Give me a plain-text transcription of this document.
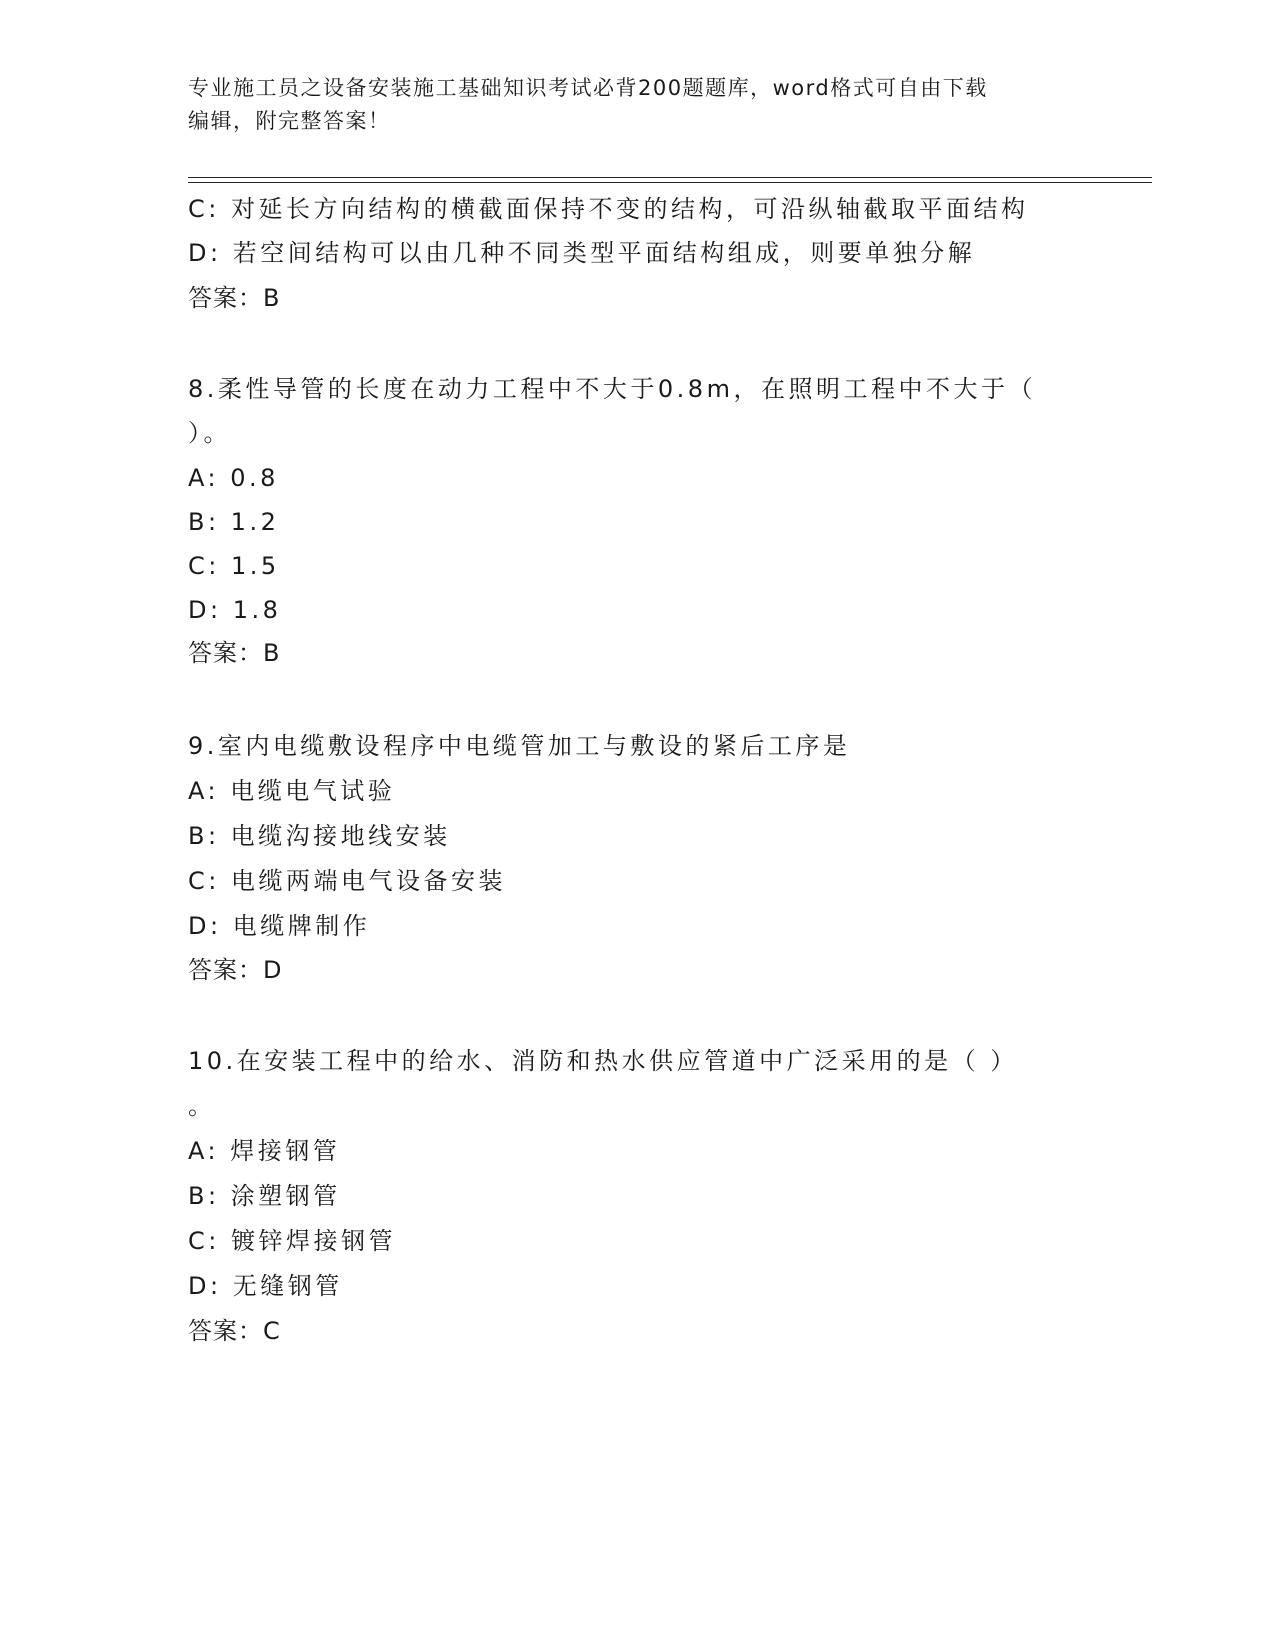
专业施工员之设备安装施工基础知识考试必背200题题库，word格式可自由下载
编辑，附完整答案！
C: 对延长方向结构的横截面保持不变的结构，可沿纵轴截取平面结构
D: 若空间结构可以由几种不同类型平面结构组成，则要单独分解
答案：B
8.柔性导管的长度在动力工程中不大于0.8m，在照明工程中不大于（
）。
A: 0.8
B: 1.2
C: 1.5
D: 1.8
答案：B
9.室内电缆敷设程序中电缆管加工与敷设的紧后工序是
A: 电缆电气试验
B: 电缆沟接地线安装
C: 电缆两端电气设备安装
D: 电缆牌制作
答案：D
10.在安装工程中的给水、消防和热水供应管道中广泛采用的是（ ）
。
A: 焊接钢管
B: 涂塑钢管
C: 镀锌焊接钢管
D: 无缝钢管
答案：C
